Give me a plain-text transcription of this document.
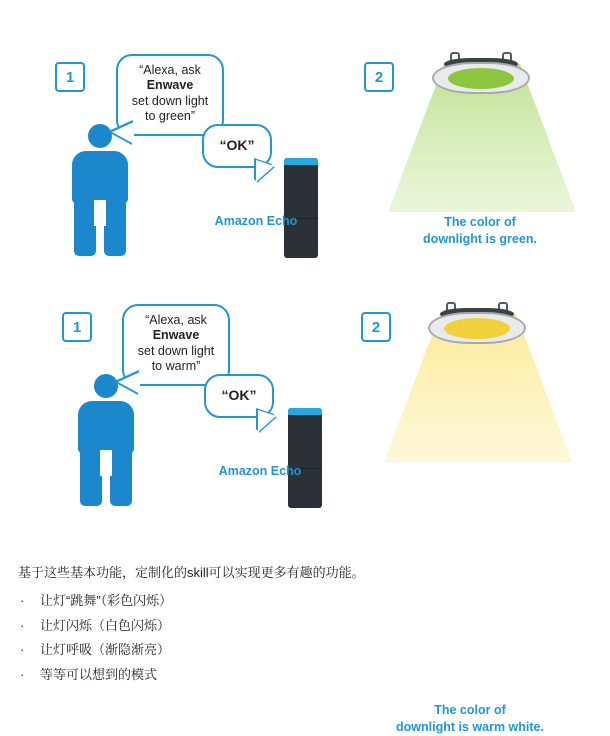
1	2
“Alexa, ask
Enwave
set down light
to green”
“OK”
Amazon Echo	The color of
downlight is green.
1	2
“Alexa, ask
Enwave
set down light
to warm”
“OK”
Amazon Echo
The color of
downlight is warm white.

基于这些基本功能，定制化的skill可以实现更多有趣的功能。

· 让灯“跳舞”（彩色闪烁）
· 让灯闪烁（白色闪烁）
· 让灯呼吸（渐隐渐亮）
· 等等可以想到的模式
